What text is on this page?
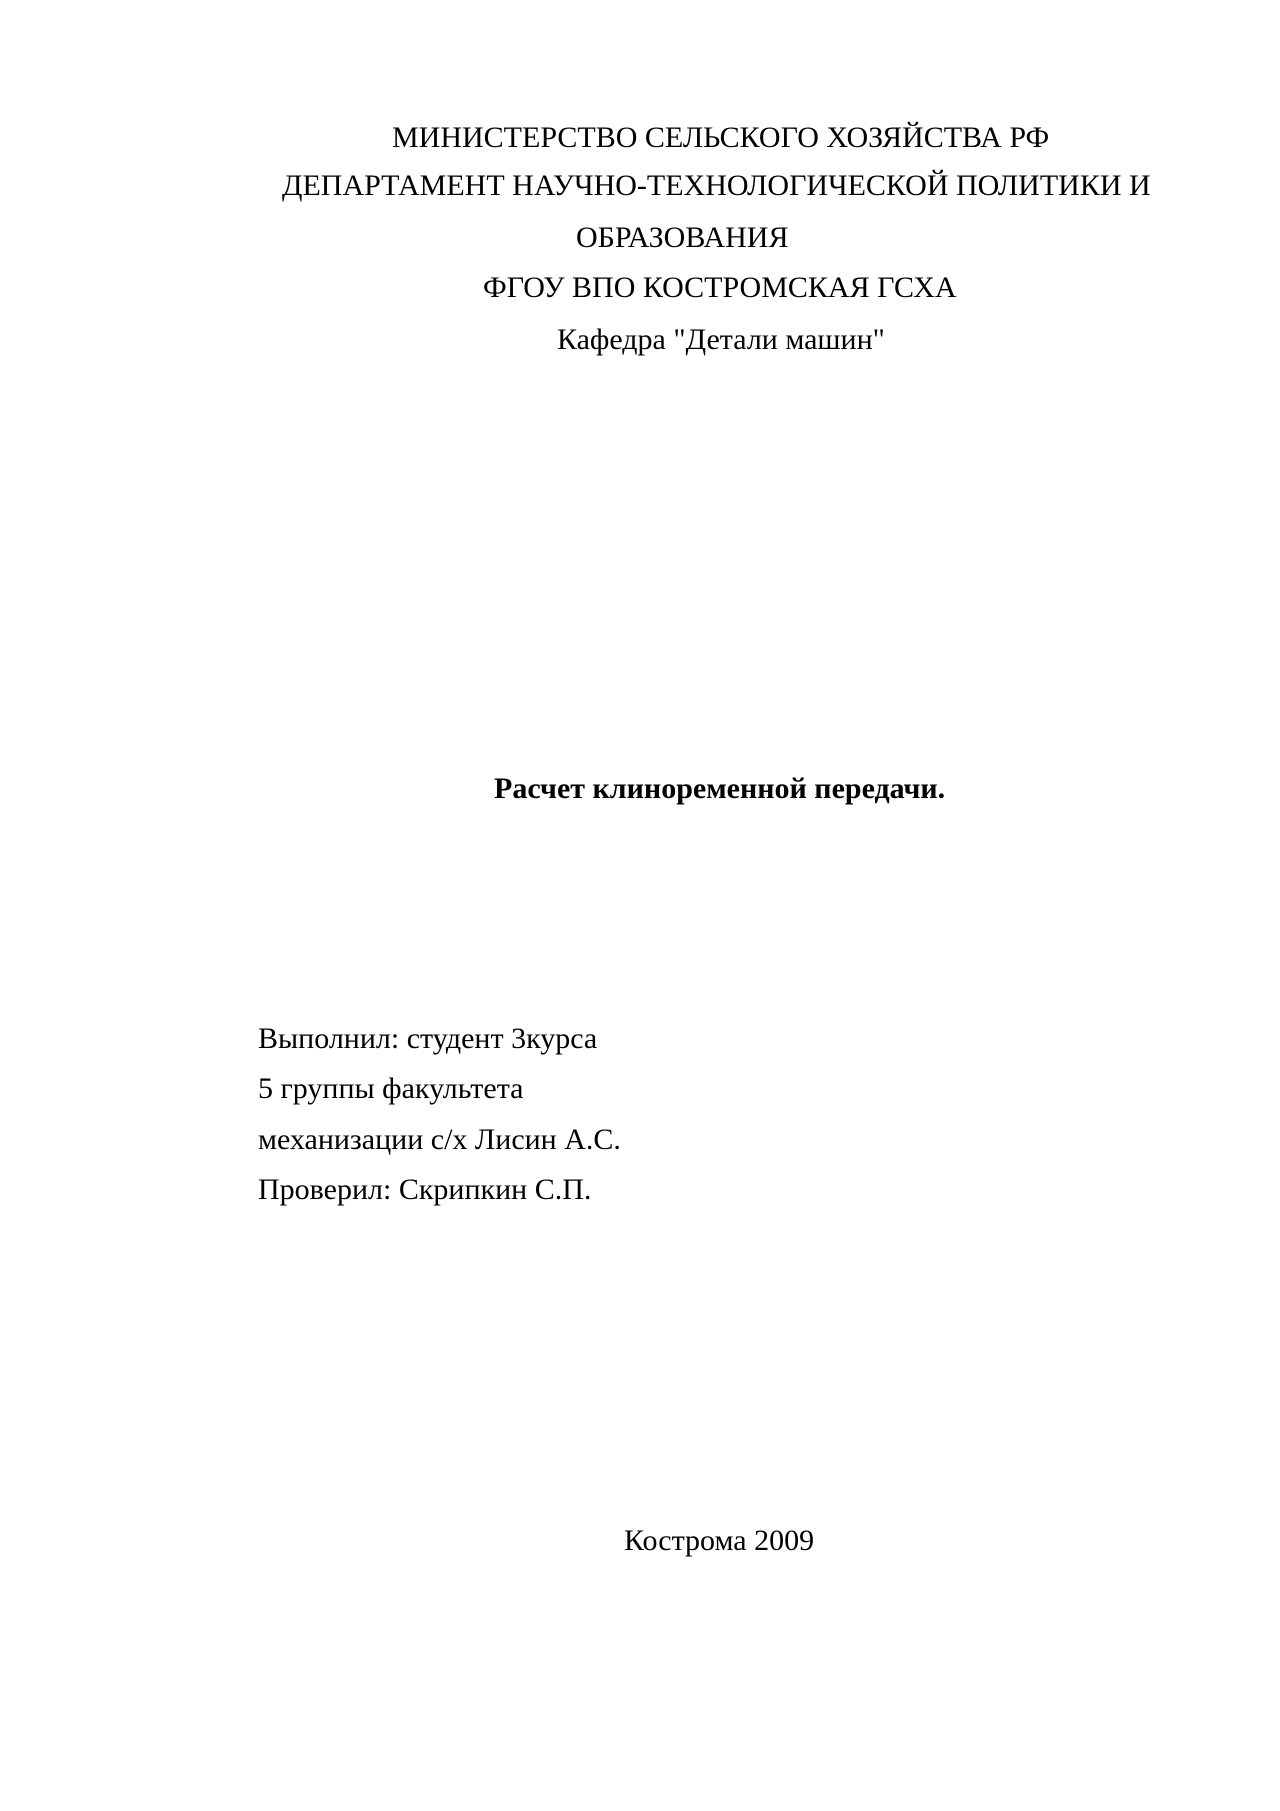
МИНИСТЕРСТВО СЕЛЬСКОГО ХОЗЯЙСТВА РФ
ДЕПАРТАМЕНТ НАУЧНО-ТЕХНОЛОГИЧЕСКОЙ ПОЛИТИКИ И
ОБРАЗОВАНИЯ
ФГОУ ВПО КОСТРОМСКАЯ ГСХА
Кафедра "Детали машин"
Расчет клиноременной передачи.
Выполнил: студент 3курса
5 группы факультета
механизации с/х Лисин А.С.
Проверил: Скрипкин С.П.
Кострома 2009
